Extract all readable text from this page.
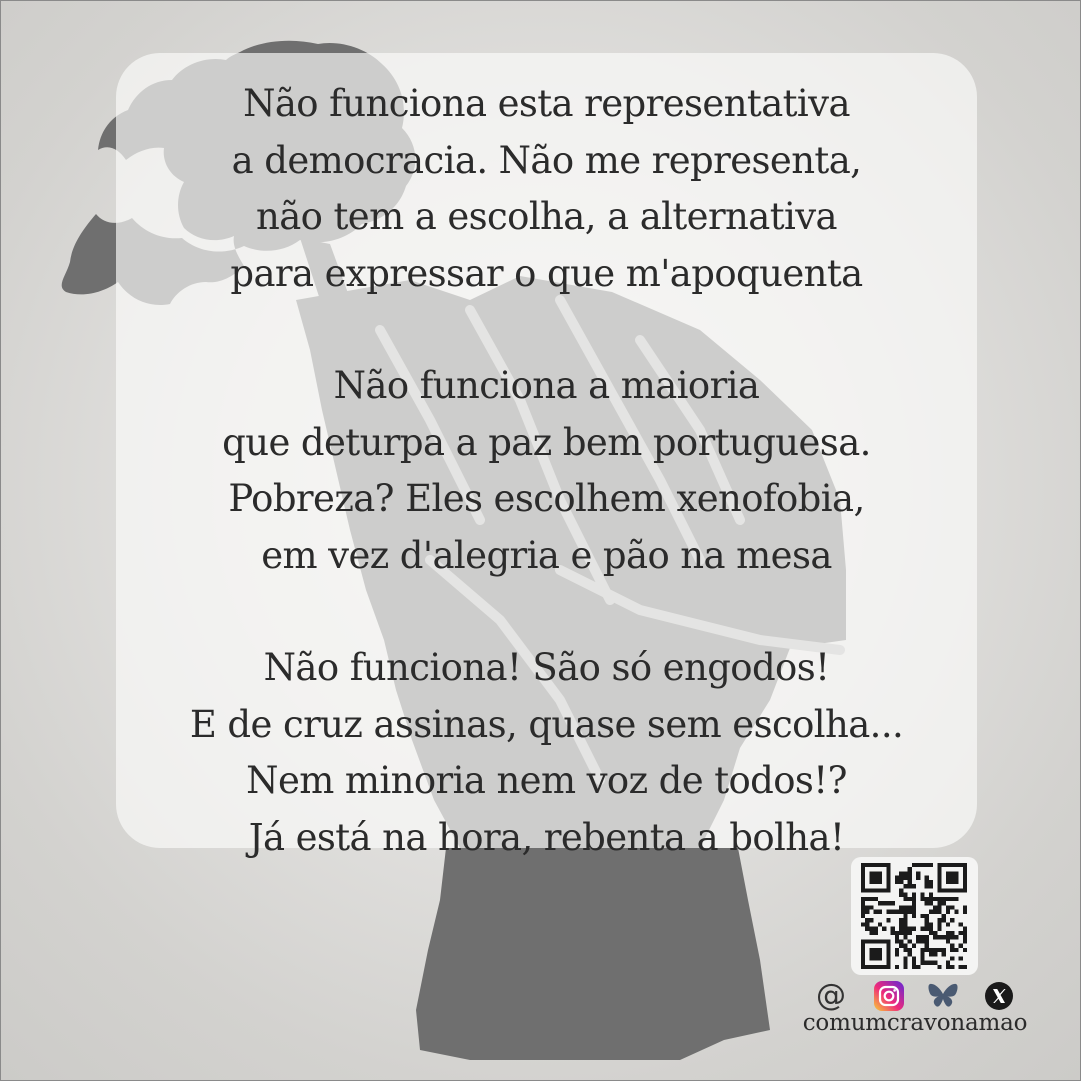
Não funciona esta representativa
a democracia. Não me representa,
não tem a escolha, a alternativa
para expressar o que m'apoquenta
Não funciona a maioria
que deturpa a paz bem portuguesa.
Pobreza? Eles escolhem xenofobia,
em vez d'alegria e pão na mesa
Não funciona! São só engodos!
E de cruz assinas, quase sem escolha...
Nem minoria nem voz de todos!?
Já está na hora, rebenta a bolha!
@
comumcravonamao
